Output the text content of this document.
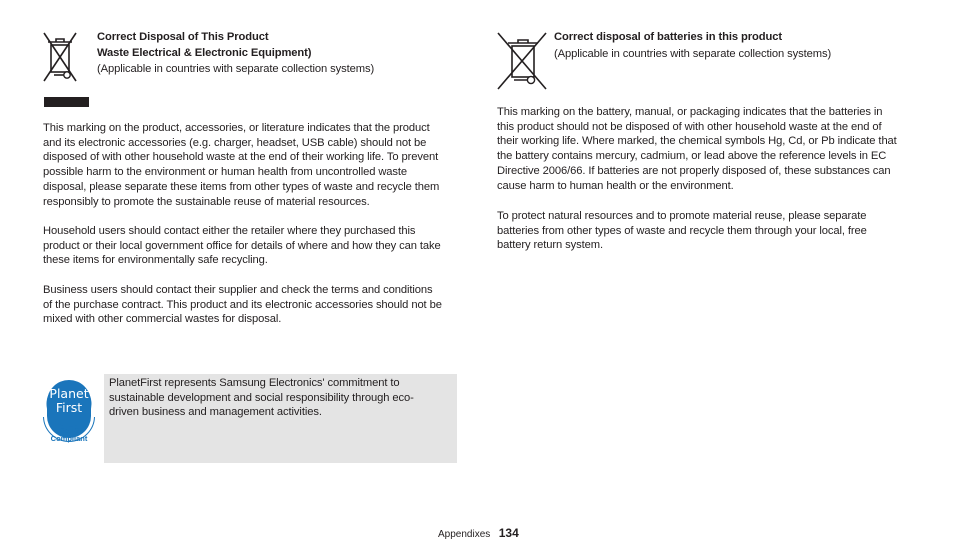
Correct Disposal of This Product

Waste Electrical & Electronic Equipment)

(Applicable in countries with separate collection systems)

This marking on the product, accessories, or literature indicates that the product
and its electronic accessories (e.g. charger, headset, USB cable) should not be
disposed of with other household waste at the end of their working life. To prevent
possible harm to the environment or human health from uncontrolled waste
disposal, please separate these items from other types of waste and recycle them
responsibly to promote the sustainable reuse of material resources.

Household users should contact either the retailer where they purchased this
product or their local government office for details of where and how they can take
these items for environmentally safe recycling.

Business users should contact their supplier and check the terms and conditions
of the purchase contract. This product and its electronic accessories should not be
mixed with other commercial wastes for disposal.

Planet
First
RoHS
Compliant

PlanetFirst represents Samsung Electronics' commitment to
sustainable development and social responsibility through eco-
driven business and management activities.

Correct disposal of batteries in this product

(Applicable in countries with separate collection systems)

This marking on the battery, manual, or packaging indicates that the batteries in
this product should not be disposed of with other household waste at the end of
their working life. Where marked, the chemical symbols Hg, Cd, or Pb indicate that
the battery contains mercury, cadmium, or lead above the reference levels in EC
Directive 2006/66. If batteries are not properly disposed of, these substances can
cause harm to human health or the environment.

To protect natural resources and to promote material reuse, please separate
batteries from other types of waste and recycle them through your local, free
battery return system.

Appendixes 134
